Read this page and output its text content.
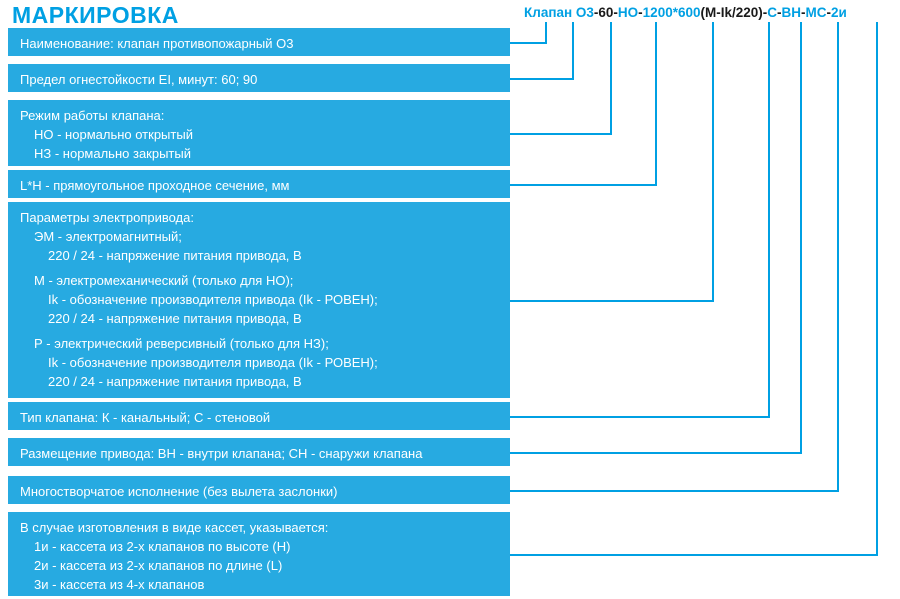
МАРКИРОВКА	Клапан О3-60-НО-1200*600(М-Ik/220)-С-ВН-МС-2и
Наименование: клапан противопожарный О3
Предел огнестойкости EI, минут: 60; 90
Режим работы клапана:
НО - нормально открытый
НЗ - нормально закрытый
L*H - прямоугольное проходное сечение, мм
Параметры электропривода:
ЭМ - электромагнитный;
220 / 24 - напряжение питания привода, В

М - электромеханический (только для НО);
Ik - обозначение производителя привода (Ik - РОВЕН);
220 / 24 - напряжение питания привода, В

Р - электрический реверсивный (только для НЗ);
Ik - обозначение производителя привода (Ik - РОВЕН);
220 / 24 - напряжение питания привода, В
Тип клапана: К - канальный; С - стеновой
Размещение привода: ВН - внутри клапана; СН - снаружи клапана
Многостворчатое исполнение (без вылета заслонки)
В случае изготовления в виде кассет, указывается:
1и - кассета из 2-х клапанов по высоте (Н)
2и - кассета из 2-х клапанов по длине (L)
3и - кассета из 4-х клапанов
